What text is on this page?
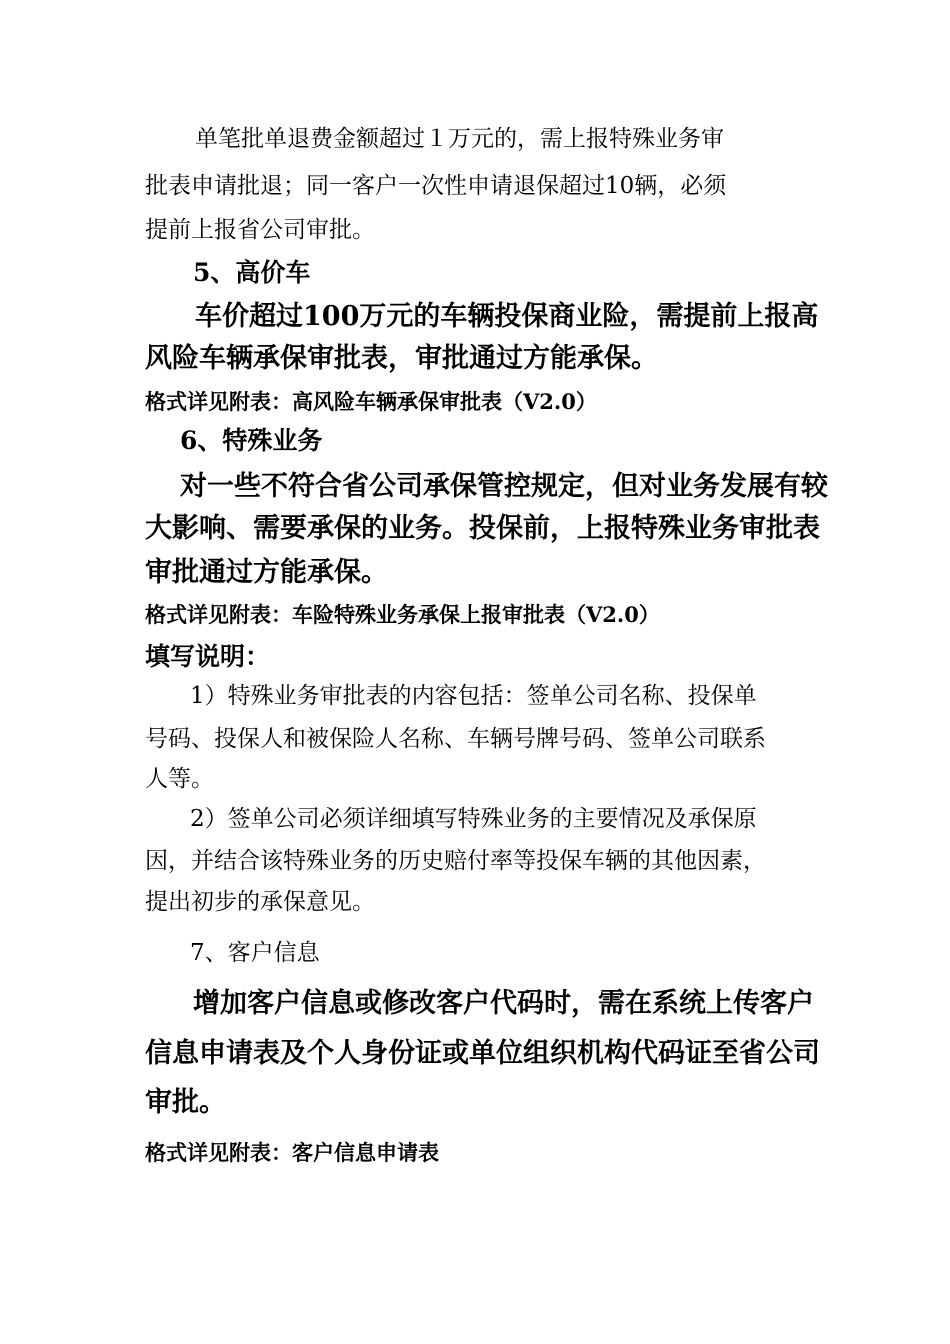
单笔批单退费金额超过１万元的，需上报特殊业务审
批表申请批退；同一客户一次性申请退保超过10辆，必须
提前上报省公司审批。
5、高价车
车价超过100万元的车辆投保商业险，需提前上报高
风险车辆承保审批表，审批通过方能承保。
格式详见附表：高风险车辆承保审批表（V2.0）
6、特殊业务
对一些不符合省公司承保管控规定，但对业务发展有较
大影响、需要承保的业务。投保前，上报特殊业务审批表
审批通过方能承保。
格式详见附表：车险特殊业务承保上报审批表（V2.0）
填写说明：
1）特殊业务审批表的内容包括：签单公司名称、投保单
号码、投保人和被保险人名称、车辆号牌号码、签单公司联系
人等。
2）签单公司必须详细填写特殊业务的主要情况及承保原
因，并结合该特殊业务的历史赔付率等投保车辆的其他因素，
提出初步的承保意见。
7、客户信息
增加客户信息或修改客户代码时，需在系统上传客户
信息申请表及个人身份证或单位组织机构代码证至省公司
审批。
格式详见附表：客户信息申请表
